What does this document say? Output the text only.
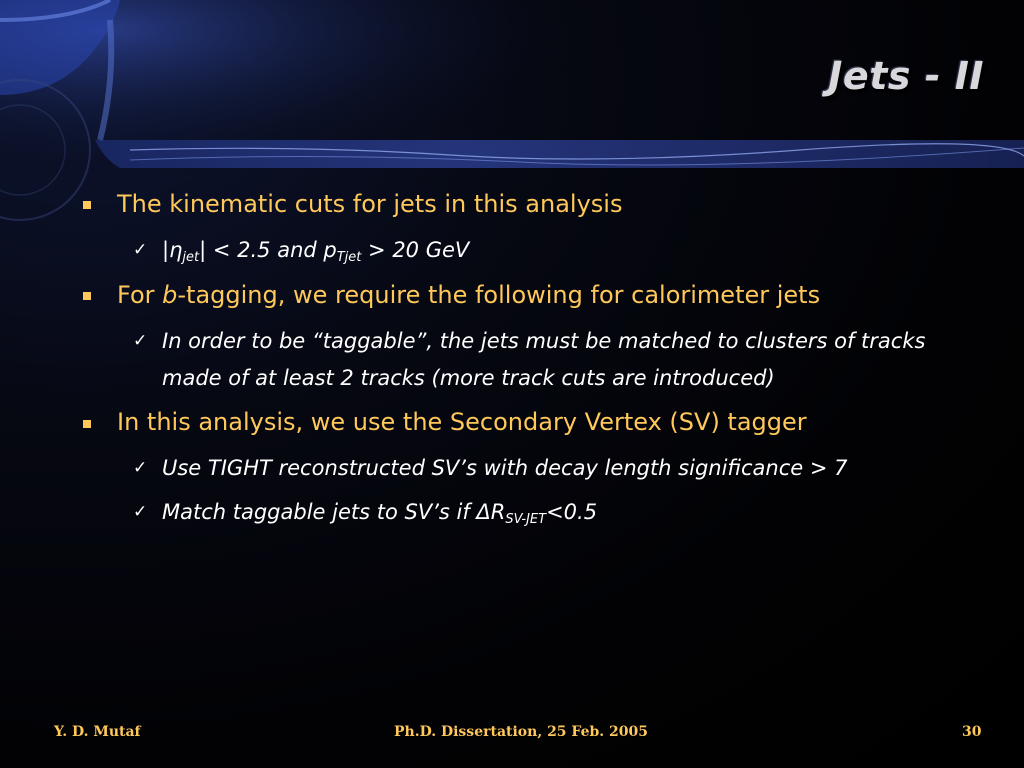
Jets - II
The kinematic cuts for jets in this analysis
✓ $|\eta_{jet}| < 2.5$ and $p_{Tjet} > 20$ GeV
For b-tagging, we require the following for calorimeter jets
✓ In order to be “taggable”, the jets must be matched to clusters of tracks
made of at least 2 tracks (more track cuts are introduced)
In this analysis, we use the Secondary Vertex (SV) tagger
✓ Use TIGHT reconstructed SV’s with decay length significance > 7
✓ Match taggable jets to SV’s if $\Delta R_{SV-JET}<0.5$
Y. D. Mutaf	Ph.D. Dissertation, 25 Feb. 2005	30
